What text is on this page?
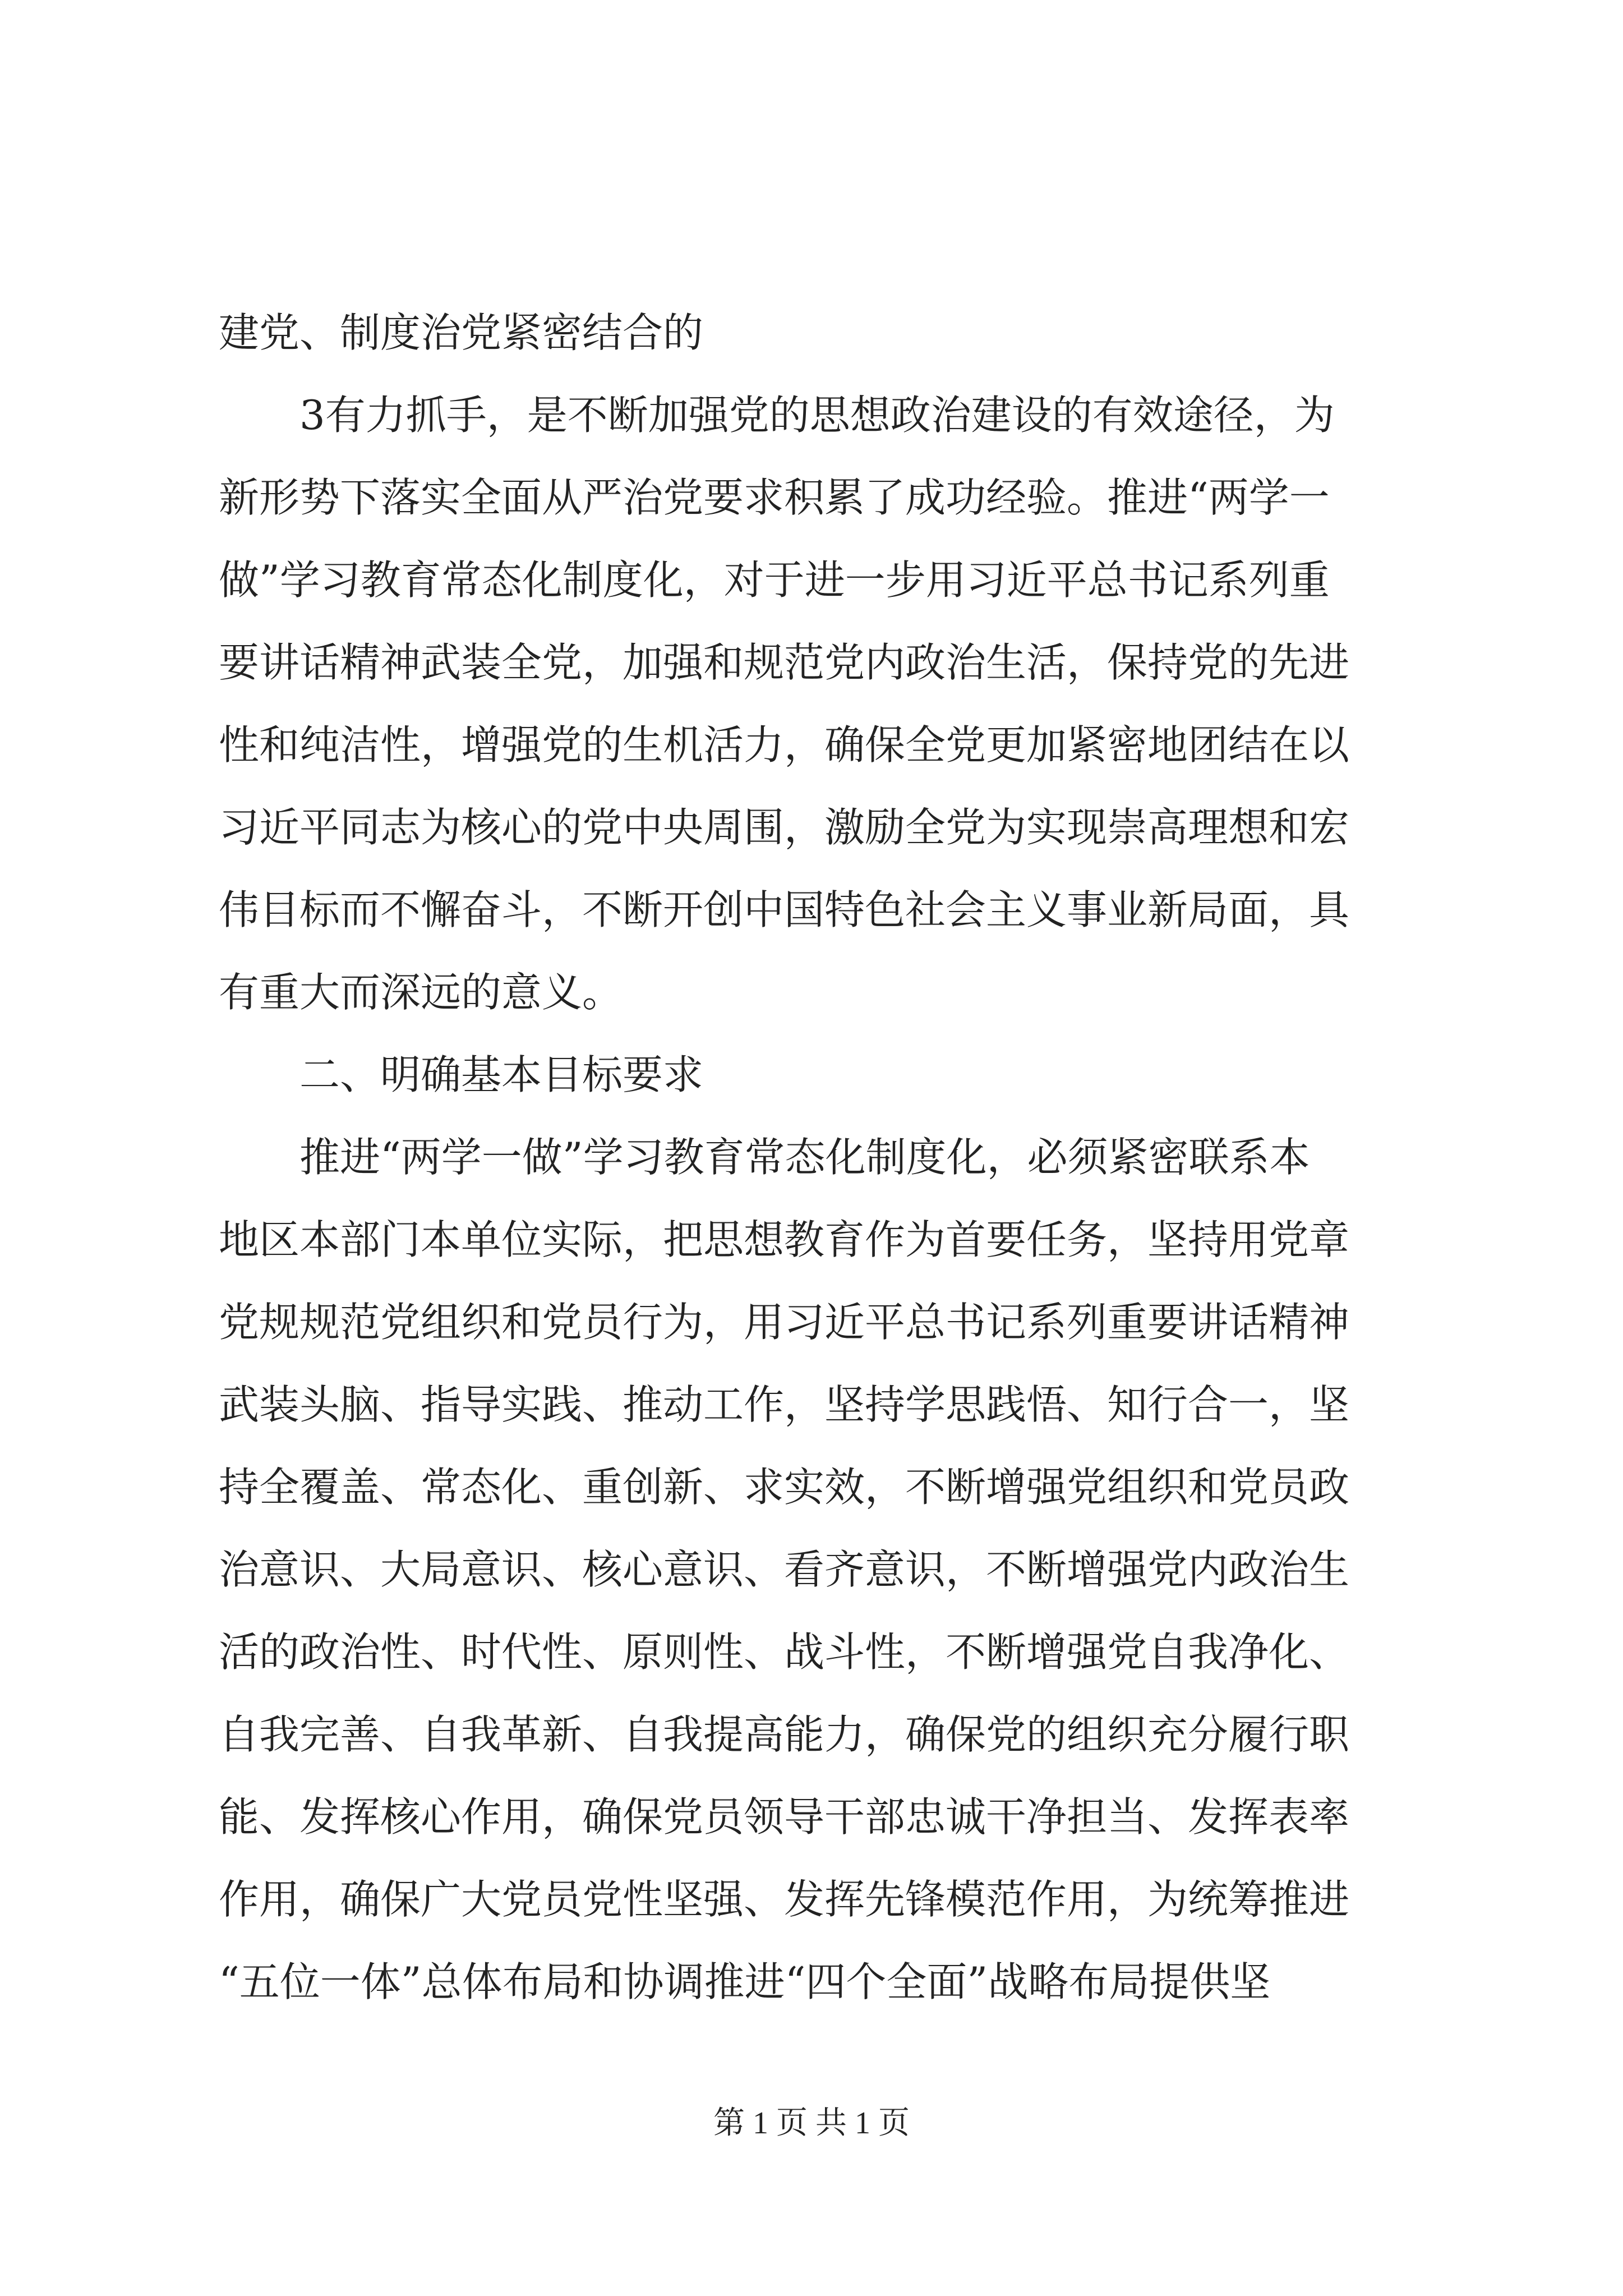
建党、制度治党紧密结合的
　　3有力抓手，是不断加强党的思想政治建设的有效途径，为
新形势下落实全面从严治党要求积累了成功经验。推进“两学一
做”学习教育常态化制度化，对于进一步用习近平总书记系列重
要讲话精神武装全党，加强和规范党内政治生活，保持党的先进
性和纯洁性，增强党的生机活力，确保全党更加紧密地团结在以
习近平同志为核心的党中央周围，激励全党为实现崇高理想和宏
伟目标而不懈奋斗，不断开创中国特色社会主义事业新局面，具
有重大而深远的意义。
　　二、明确基本目标要求
　　推进“两学一做”学习教育常态化制度化，必须紧密联系本
地区本部门本单位实际，把思想教育作为首要任务，坚持用党章
党规规范党组织和党员行为，用习近平总书记系列重要讲话精神
武装头脑、指导实践、推动工作，坚持学思践悟、知行合一，坚
持全覆盖、常态化、重创新、求实效，不断增强党组织和党员政
治意识、大局意识、核心意识、看齐意识，不断增强党内政治生
活的政治性、时代性、原则性、战斗性，不断增强党自我净化、
自我完善、自我革新、自我提高能力，确保党的组织充分履行职
能、发挥核心作用，确保党员领导干部忠诚干净担当、发挥表率
作用，确保广大党员党性坚强、发挥先锋模范作用，为统筹推进
“五位一体”总体布局和协调推进“四个全面”战略布局提供坚
第 1 页 共 1 页
